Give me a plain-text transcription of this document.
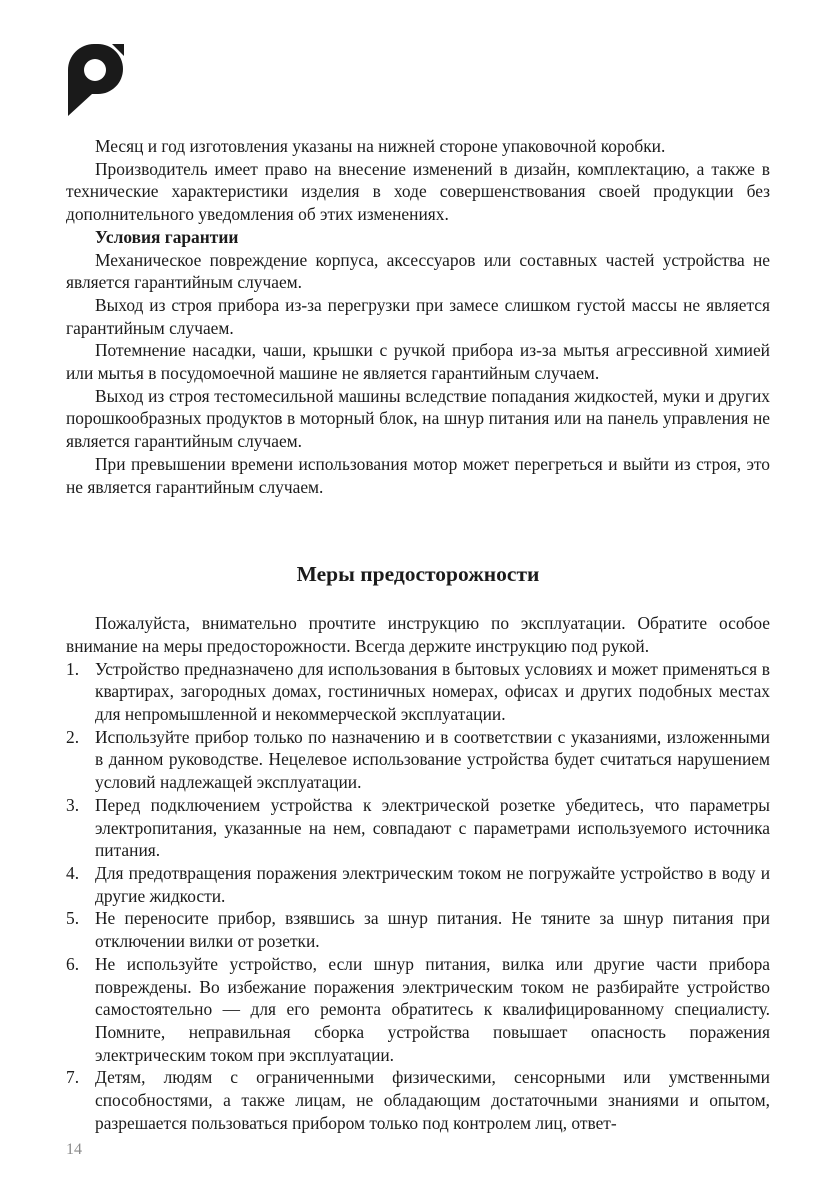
Месяц и год изготовления указаны на нижней стороне упаковочной коробки.

Производитель имеет право на внесение изменений в дизайн, комплектацию, а также в технические характеристики изделия в ходе совершенствования своей продукции без дополнительного уведомления об этих изменениях.

Условия гарантии

Механическое повреждение корпуса, аксессуаров или составных частей устройства не является гарантийным случаем.

Выход из строя прибора из-за перегрузки при замесе слишком густой массы не является гарантийным случаем.

Потемнение насадки, чаши, крышки с ручкой прибора из-за мытья агрессивной химией или мытья в посудомоечной машине не является гарантийным случаем.

Выход из строя тестомесильной машины вследствие попадания жидкостей, муки и других порошкообразных продуктов в моторный блок, на шнур питания или на панель управления не является гарантийным случаем.

При превышении времени использования мотор может перегреться и выйти из строя, это не является гарантийным случаем.

Меры предосторожности

Пожалуйста, внимательно прочтите инструкцию по эксплуатации. Обратите особое внимание на меры предосторожности. Всегда держите инструкцию под рукой.

1. Устройство предназначено для использования в бытовых условиях и может применяться в квартирах, загородных домах, гостиничных номерах, офисах и других подобных местах для непромышленной и некоммерческой эксплуатации.
2. Используйте прибор только по назначению и в соответствии с указаниями, изложенными в данном руководстве. Нецелевое использование устройства будет считаться нарушением условий надлежащей эксплуатации.
3. Перед подключением устройства к электрической розетке убедитесь, что параметры электропитания, указанные на нем, совпадают с параметрами используемого источника питания.
4. Для предотвращения поражения электрическим током не погружайте устройство в воду и другие жидкости.
5. Не переносите прибор, взявшись за шнур питания. Не тяните за шнур питания при отключении вилки от розетки.
6. Не используйте устройство, если шнур питания, вилка или другие части прибора повреждены. Во избежание поражения электрическим током не разбирайте устройство самостоятельно — для его ремонта обратитесь к квалифицированному специалисту. Помните, неправильная сборка устройства повышает опасность поражения электрическим током при эксплуатации.
7. Детям, людям с ограниченными физическими, сенсорными или умственными способностями, а также лицам, не обладающим достаточными знаниями и опытом, разрешается пользоваться прибором только под контролем лиц, ответ-
14
